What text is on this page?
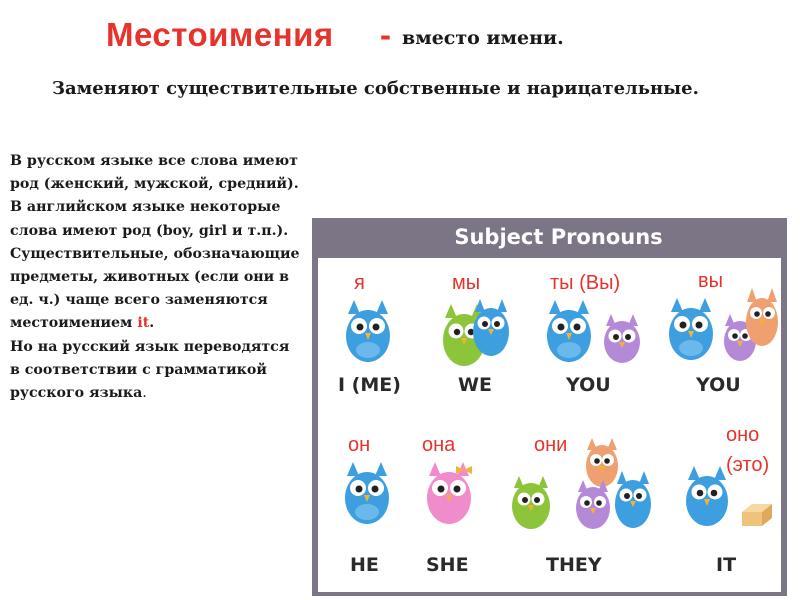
Местоимения - вместо имени.
Заменяют существительные собственные и нарицательные.

В русском языке все слова имеют род (женский, мужской, средний).

В английском языке некоторые слова имеют род (boy, girl и т.п.).

Существительные, обозначающие предметы, животных (если они в ед. ч.) чаще всего заменяются местоимением it.

Но на русский язык переводятся в соответствии с грамматикой русского языка.

Subject Pronouns
я	мы	ты (Вы)	вы
I (ME)	WE	YOU	YOU
он	она	они	оно
(это)
HE SHE	THEY	IT
